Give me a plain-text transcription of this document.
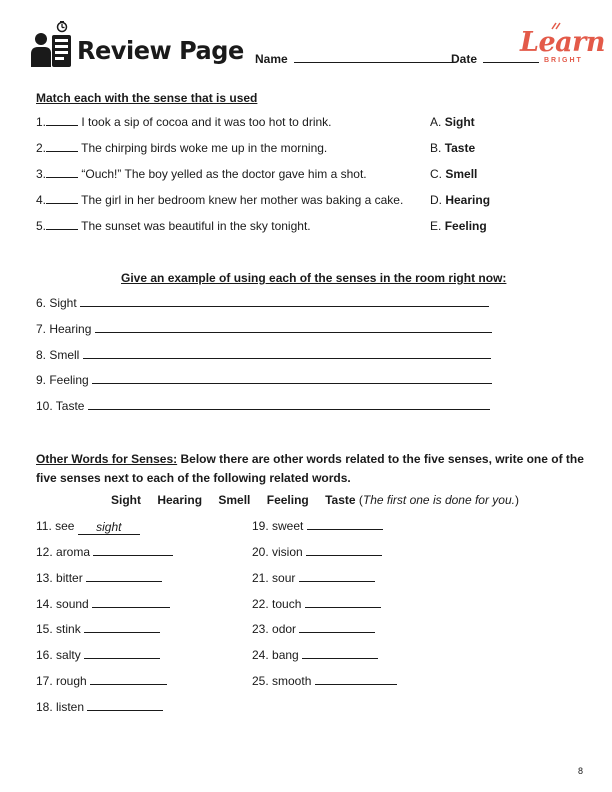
Review Page Name	Date
Learn
BRIGHT
Match each with the sense that is used
1.	I took a sip of cocoa and it was too hot to drink.
2.	The chirping birds woke me up in the morning.
3.	“Ouch!” The boy yelled as the doctor gave him a shot.
4.	The girl in her bedroom knew her mother was baking a cake.
5.	The sunset was beautiful in the sky tonight.
A. Sight
B. Taste
C. Smell
D. Hearing
E. Feeling
Give an example of using each of the senses in the room right now:
6. Sight
7. Hearing
8. Smell
9. Feeling
10. Taste
Other Words for Senses: Below there are other words related to the five senses, write one of the five senses next to each of the following related words.
Sight Hearing Smell Feeling Taste (The first one is done for you.)
11. see sight
12. aroma
13. bitter
14. sound
15. stink
16. salty
17. rough
18. listen
19. sweet
20. vision
21. sour
22. touch
23. odor
24. bang
25. smooth
8
